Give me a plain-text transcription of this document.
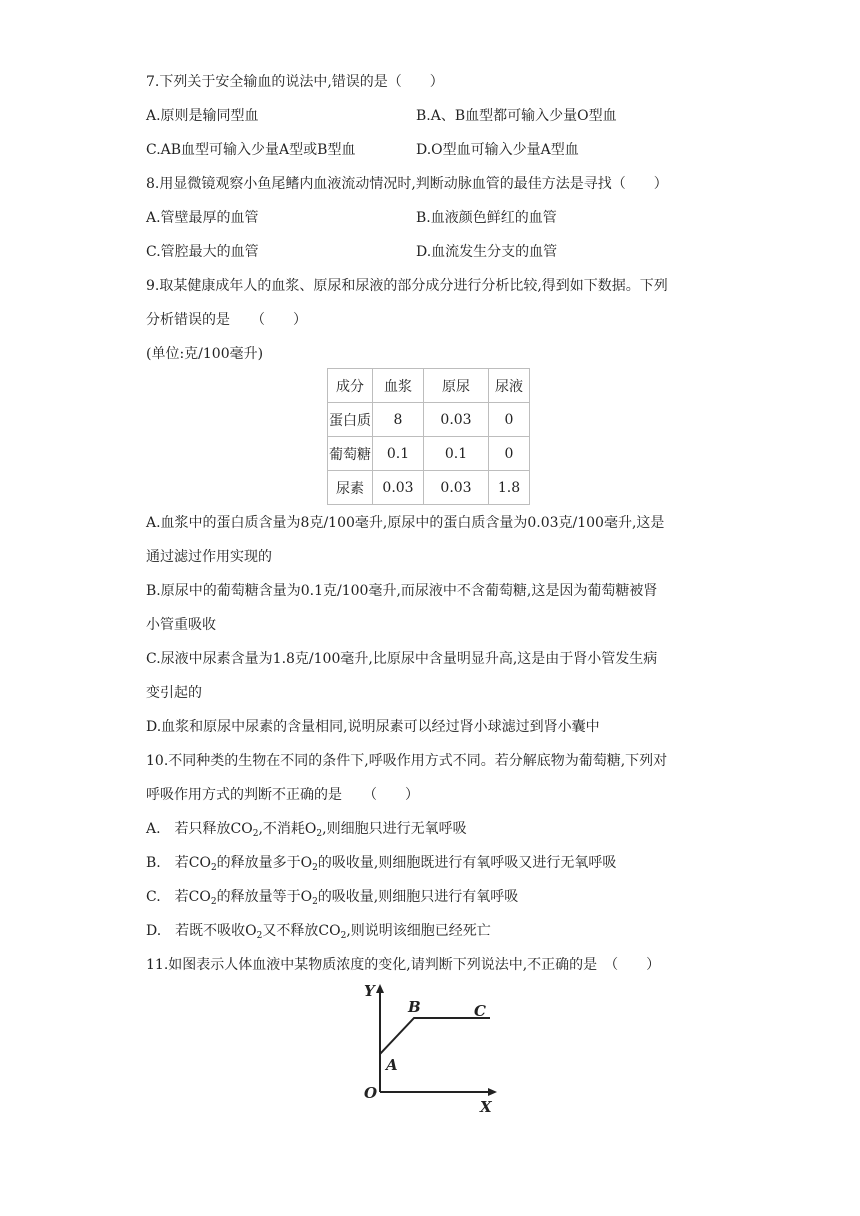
7.下列关于安全输血的说法中,错误的是（　　）
A.原则是输同型血	B.A、B血型都可输入少量O型血
C.AB血型可输入少量A型或B型血	D.O型血可输入少量A型血
8.用显微镜观察小鱼尾鳍内血液流动情况时,判断动脉血管的最佳方法是寻找（　　）
A.管壁最厚的血管	B.血液颜色鲜红的血管
C.管腔最大的血管	D.血流发生分支的血管
9.取某健康成年人的血浆、原尿和尿液的部分成分进行分析比较,得到如下数据。下列
分析错误的是　　（　　）
(单位:克/100毫升)
成分	血浆	原尿	尿液
蛋白质	8	0.03	0
葡萄糖	0.1	0.1	0
尿素	0.03	0.03	1.8
A.血浆中的蛋白质含量为8克/100毫升,原尿中的蛋白质含量为0.03克/100毫升,这是
通过滤过作用实现的
B.原尿中的葡萄糖含量为0.1克/100毫升,而尿液中不含葡萄糖,这是因为葡萄糖被肾
小管重吸收
C.尿液中尿素含量为1.8克/100毫升,比原尿中含量明显升高,这是由于肾小管发生病
变引起的
D.血浆和原尿中尿素的含量相同,说明尿素可以经过肾小球滤过到肾小囊中
10.不同种类的生物在不同的条件下,呼吸作用方式不同。若分解底物为葡萄糖,下列对
呼吸作用方式的判断不正确的是　　（　　）
A.　若只释放$CO_2$,不消耗$O_2$,则细胞只进行无氧呼吸
B.　若$CO_2$的释放量多于$O_2$的吸收量,则细胞既进行有氧呼吸又进行无氧呼吸
C.　若$CO_2$的释放量等于$O_2$的吸收量,则细胞只进行有氧呼吸
D.　若既不吸收$O_2$又不释放$CO_2$,则说明该细胞已经死亡
11.如图表示人体血液中某物质浓度的变化,请判断下列说法中,不正确的是　（　　）
Y
X
O
A
B	C
